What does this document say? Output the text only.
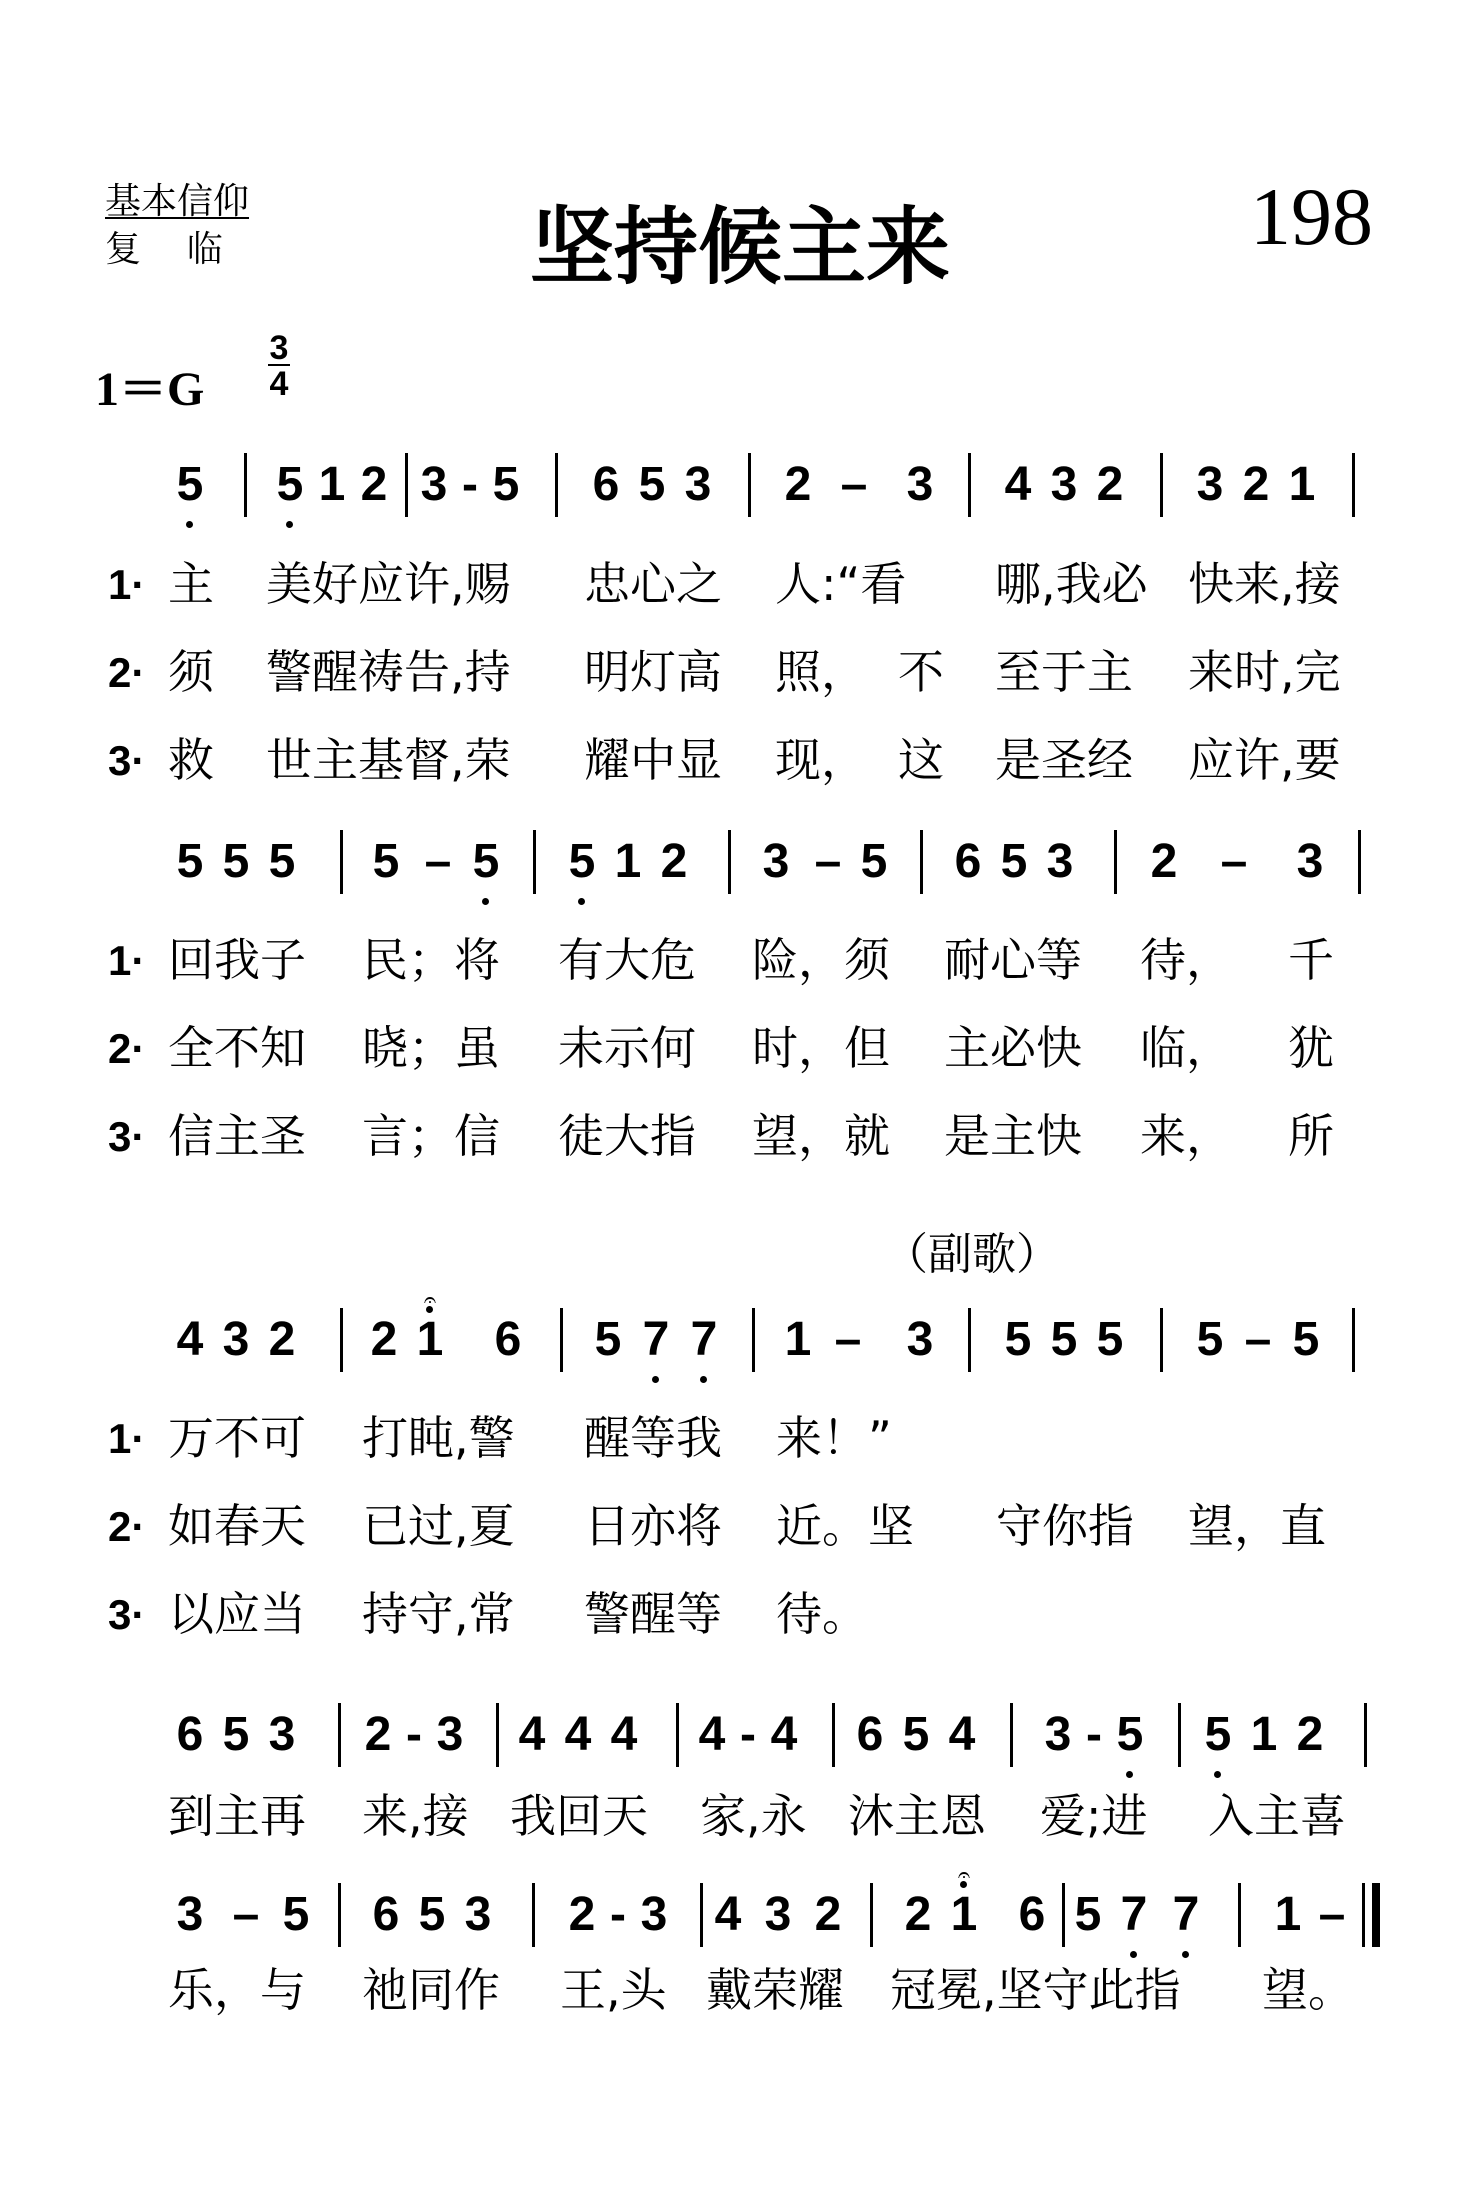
基本信仰
复    临	坚持候主来	198
1＝G
3
4
5 5 1 2 3 - 5 6 5 3 2 – 3 4 3 2 3 2 1
1· 主 美好应许,赐 忠心之 人:“看 哪,我必 快来,接
2· 须 警醒祷告,持 明灯高 照， 不 至于主 来时,完
3· 救 世主基督,荣 耀中显 现， 这 是圣经 应许,要
5 5 5 5 – 5 5 1 2 3 – 5 6 5 3 2 – 3
1· 回我子 民；将 有大危 险，须 耐心等 待， 千
2· 全不知 晓；虽 未示何 时，但 主必快 临， 犹
3· 信主圣 言；信 徒大指 望，就 是主快 来， 所
（副歌）
4 3 2 2 1
𝄐
6 5 7 7 1 – 3 5 5 5 5 – 5
1· 万不可 打盹,警 醒等我 来！”
2· 如春天 已过,夏 日亦将 近。坚 守你指 望，直
3· 以应当 持守,常 警醒等 待。
6 5 3 2 - 3 4 4 4 4 - 4 6 5 4 3 - 5 5 1 2
到主再 来,接 我回天 家,永 沐主恩 爱;进 入主喜
3 – 5 6 5 3 2 - 3 4 3 2 2 1
𝄐
6 5 7 7 1 –
乐，与 祂同作 王,头 戴荣耀 冠冕,坚守此指 望。
